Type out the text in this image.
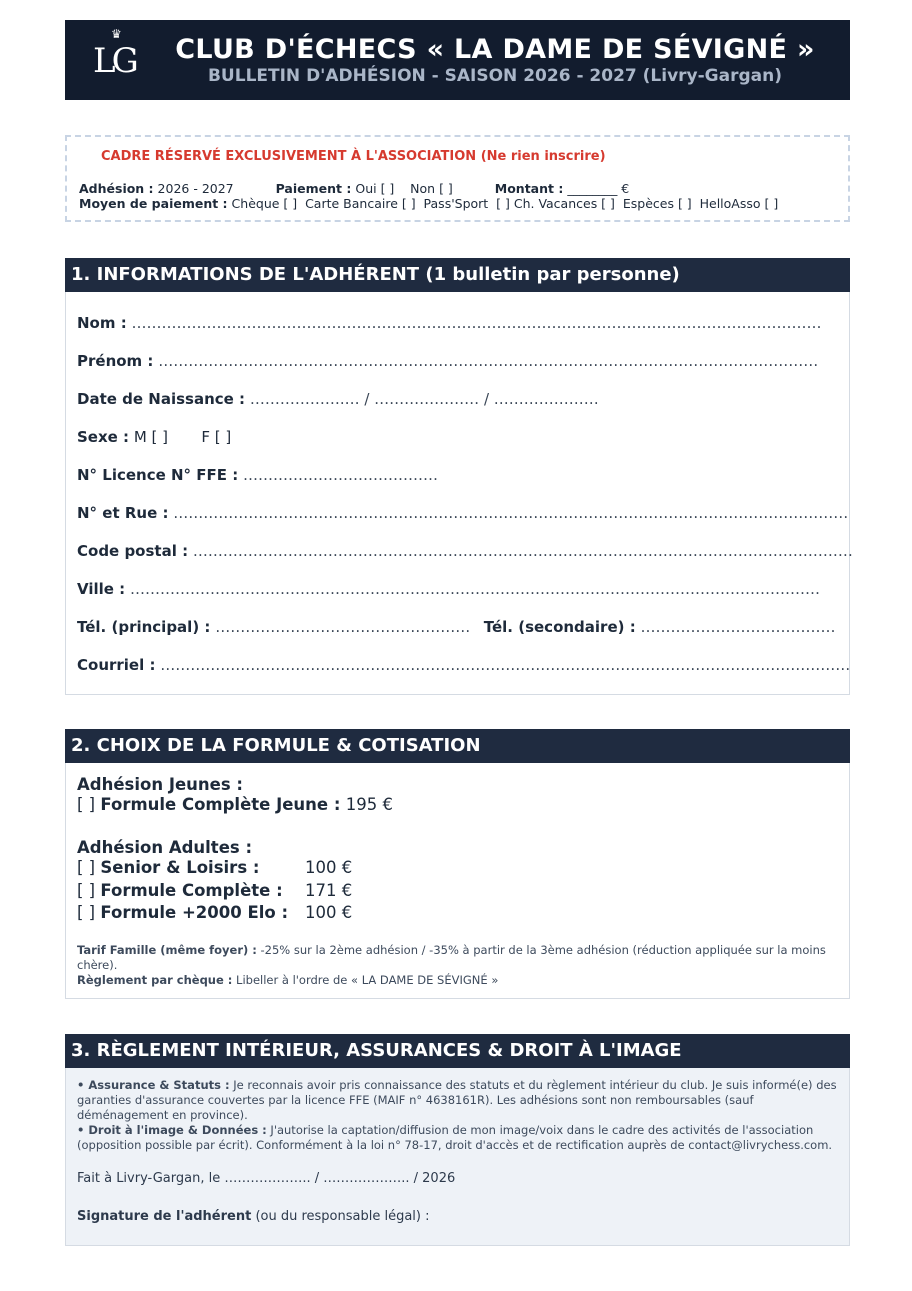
♛
LG	CLUB D'ÉCHECS « LA DAME DE SÉVIGNÉ »
BULLETIN D'ADHÉSION - SAISON 2026 - 2027 (Livry-Gargan)
CADRE RÉSERVÉ EXCLUSIVEMENT À L'ASSOCIATION (Ne rien inscrire)
Adhésion : 2026 - 2027	Paiement : Oui [ ]    Non [ ]	Montant : ________ €
Moyen de paiement : Chèque [ ]  Carte Bancaire [ ]  Pass'Sport  [ ] Ch. Vacances [ ]  Espèces [ ]  HelloAsso [ ]
1. INFORMATIONS DE L'ADHÉRENT (1 bulletin par personne)
Nom : …………………………………………………………………………………………………………………………
Prénom : ……………………………………………………………………………………………………………………
Date de Naissance : ……………….… / ………………… / …………………
Sexe : M [ ]       F [ ]
N° Licence N° FFE : …………………………………
N° et Rue : ………………………………………………………………………………………………………………………
Code postal : ……………………………………………………………………………………………………………………
Ville : …………………………………………………………………………………………………………………………
Tél. (principal) : …………………………………………… Tél. (secondaire) : …………………………………
Courriel : …………………………………………………………………………………………………………………………
2. CHOIX DE LA FORMULE & COTISATION
Adhésion Jeunes :
[ ] Formule Complète Jeune : 195 €
Adhésion Adultes :
[ ] Senior & Loisirs :	100 €
[ ] Formule Complète : 171 €
[ ] Formule +2000 Elo : 100 €
Tarif Famille (même foyer) : -25% sur la 2ème adhésion / -35% à partir de la 3ème adhésion (réduction appliquée sur la moins chère).
Règlement par chèque : Libeller à l'ordre de « LA DAME DE SÉVIGNÉ »
3. RÈGLEMENT INTÉRIEUR, ASSURANCES & DROIT À L'IMAGE
• Assurance & Statuts : Je reconnais avoir pris connaissance des statuts et du règlement intérieur du club. Je suis informé(e) des garanties d'assurance couvertes par la licence FFE (MAIF n° 4638161R). Les adhésions sont non remboursables (sauf déménagement en province).
• Droit à l'image & Données : J'autorise la captation/diffusion de mon image/voix dans le cadre des activités de l'association (opposition possible par écrit). Conformément à la loi n° 78-17, droit d'accès et de rectification auprès de contact@livrychess.com.
Fait à Livry-Gargan, le ……………….. / ……………….. / 2026
Signature de l'adhérent (ou du responsable légal) :
